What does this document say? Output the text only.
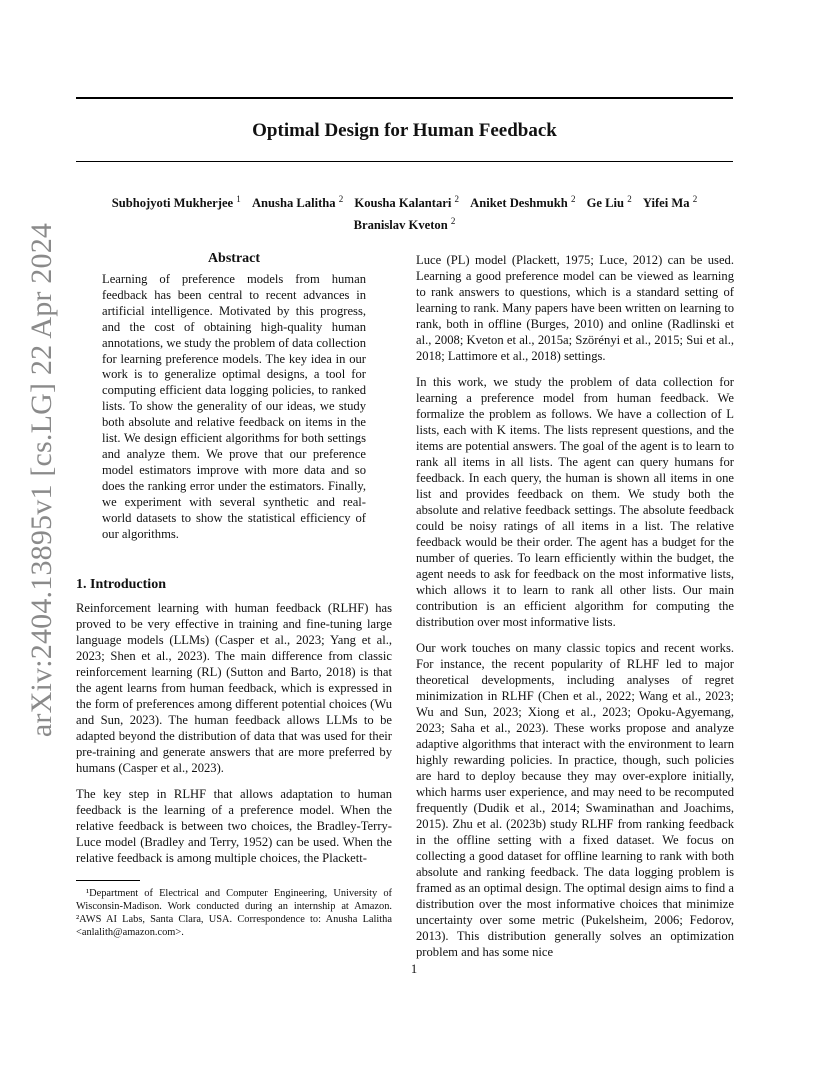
arXiv:2404.13895v1 [cs.LG] 22 Apr 2024
Optimal Design for Human Feedback
Subhojyoti Mukherjee $^1$ Anusha Lalitha $^2$ Kousha Kalantari $^2$ Aniket Deshmukh $^2$ Ge Liu $^2$ Yifei Ma $^2$
Branislav Kveton $^2$
Abstract
Learning of preference models from human feedback has been central to recent advances in artificial intelligence. Motivated by this progress, and the cost of obtaining high-quality human annotations, we study the problem of data collection for learning preference models. The key idea in our work is to generalize optimal designs, a tool for computing efficient data logging policies, to ranked lists. To show the generality of our ideas, we study both absolute and relative feedback on items in the list. We design efficient algorithms for both settings and analyze them. We prove that our preference model estimators improve with more data and so does the ranking error under the estimators. Finally, we experiment with several synthetic and real-world datasets to show the statistical efficiency of our algorithms.
1. Introduction

Reinforcement learning with human feedback (RLHF) has proved to be very effective in training and fine-tuning large language models (LLMs) (Casper et al., 2023; Yang et al., 2023; Shen et al., 2023). The main difference from classic reinforcement learning (RL) (Sutton and Barto, 2018) is that the agent learns from human feedback, which is expressed in the form of preferences among different potential choices (Wu and Sun, 2023). The human feedback allows LLMs to be adapted beyond the distribution of data that was used for their pre-training and generate answers that are more preferred by humans (Casper et al., 2023).

The key step in RLHF that allows adaptation to human feedback is the learning of a preference model. When the relative feedback is between two choices, the Bradley-Terry-Luce model (Bradley and Terry, 1952) can be used. When the relative feedback is among multiple choices, the Plackett-

Luce (PL) model (Plackett, 1975; Luce, 2012) can be used. Learning a good preference model can be viewed as learning to rank answers to questions, which is a standard setting of learning to rank. Many papers have been written on learning to rank, both in offline (Burges, 2010) and online (Radlinski et al., 2008; Kveton et al., 2015a; Szörényi et al., 2015; Sui et al., 2018; Lattimore et al., 2018) settings.

In this work, we study the problem of data collection for learning a preference model from human feedback. We formalize the problem as follows. We have a collection of L lists, each with K items. The lists represent questions, and the items are potential answers. The goal of the agent is to learn to rank all items in all lists. The agent can query humans for feedback. In each query, the human is shown all items in one list and provides feedback on them. We study both the absolute and relative feedback settings. The absolute feedback could be noisy ratings of all items in a list. The relative feedback would be their order. The agent has a budget for the number of queries. To learn efficiently within the budget, the agent needs to ask for feedback on the most informative lists, which allows it to learn to rank all other lists. Our main contribution is an efficient algorithm for computing the distribution over most informative lists.

Our work touches on many classic topics and recent works. For instance, the recent popularity of RLHF led to major theoretical developments, including analyses of regret minimization in RLHF (Chen et al., 2022; Wang et al., 2023; Wu and Sun, 2023; Xiong et al., 2023; Opoku-Agyemang, 2023; Saha et al., 2023). These works propose and analyze adaptive algorithms that interact with the environment to learn highly rewarding policies. In practice, though, such policies are hard to deploy because they may over-explore initially, which harms user experience, and may need to be recomputed frequently (Dudik et al., 2014; Swaminathan and Joachims, 2015). Zhu et al. (2023b) study RLHF from ranking feedback in the offline setting with a fixed dataset. We focus on collecting a good dataset for offline learning to rank with both absolute and ranking feedback. The data logging problem is framed as an optimal design. The optimal design aims to find a distribution over the most informative choices that minimize uncertainty over some metric (Pukelsheim, 2006; Fedorov, 2013). This distribution generally solves an optimization problem and has some nice

¹Department of Electrical and Computer Engineering, University of Wisconsin-Madison. Work conducted during an internship at Amazon. ²AWS AI Labs, Santa Clara, USA. Correspondence to: Anusha Lalitha <anlalith@amazon.com>.
1
